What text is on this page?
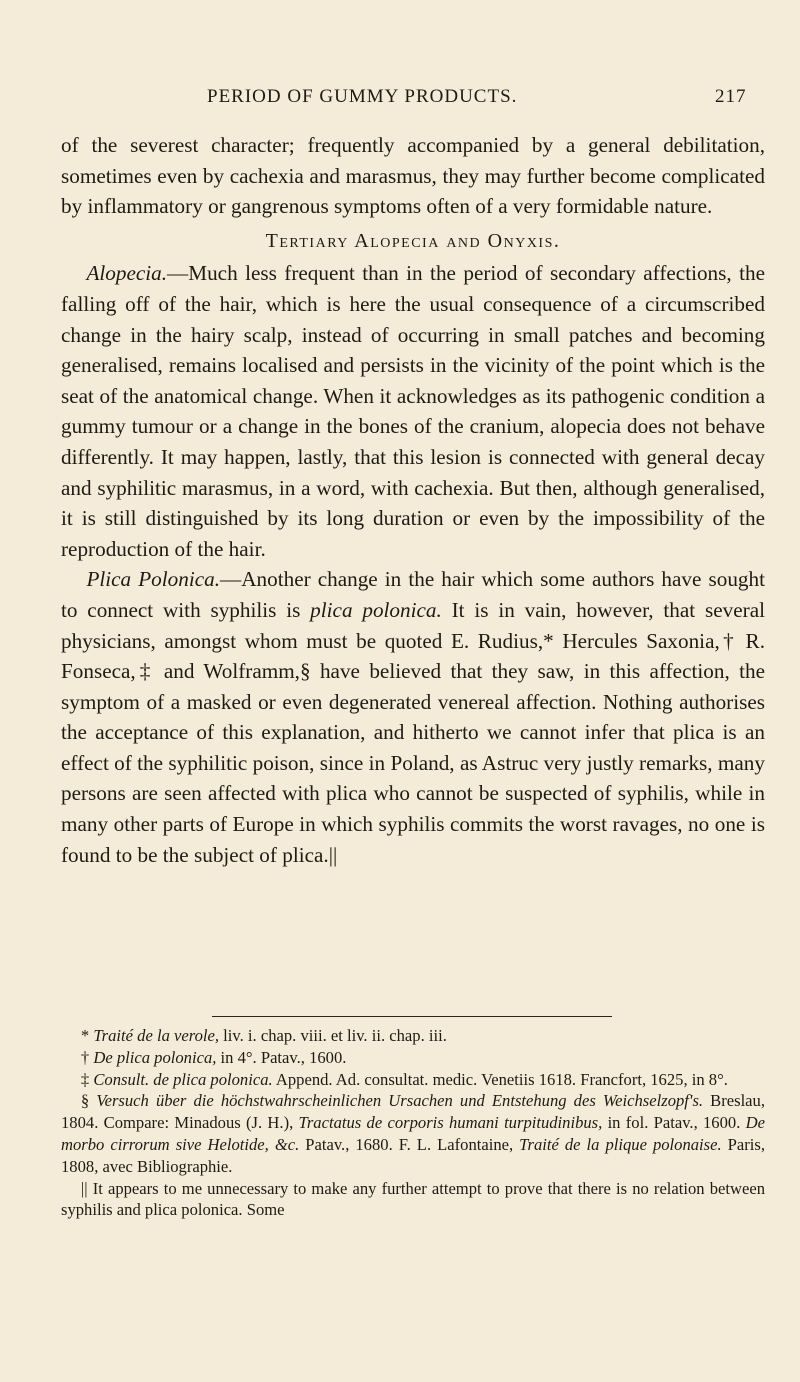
PERIOD OF GUMMY PRODUCTS.	217

of the severest character; frequently accompanied by a general debilitation, sometimes even by cachexia and marasmus, they may further become complicated by inflammatory or gangrenous symptoms often of a very formidable nature.

Tertiary Alopecia and Onyxis.

Alopecia.—Much less frequent than in the period of secondary affections, the falling off of the hair, which is here the usual consequence of a circumscribed change in the hairy scalp, instead of occurring in small patches and becoming generalised, remains localised and persists in the vicinity of the point which is the seat of the anatomical change. When it acknowledges as its pathogenic condition a gummy tumour or a change in the bones of the cranium, alopecia does not behave differently. It may happen, lastly, that this lesion is connected with general decay and syphilitic marasmus, in a word, with cachexia. But then, although generalised, it is still distinguished by its long duration or even by the impossibility of the reproduction of the hair.

Plica Polonica.—Another change in the hair which some authors have sought to connect with syphilis is plica polonica. It is in vain, however, that several physicians, amongst whom must be quoted E. Rudius,* Hercules Saxonia,† R. Fonseca,‡ and Wolframm,§ have believed that they saw, in this affection, the symptom of a masked or even degenerated venereal affection. Nothing authorises the acceptance of this explanation, and hitherto we cannot infer that plica is an effect of the syphilitic poison, since in Poland, as Astruc very justly remarks, many persons are seen affected with plica who cannot be suspected of syphilis, while in many other parts of Europe in which syphilis commits the worst ravages, no one is found to be the subject of plica.||

* Traité de la verole, liv. i. chap. viii. et liv. ii. chap. iii.

† De plica polonica, in 4°. Patav., 1600.

‡ Consult. de plica polonica. Append. Ad. consultat. medic. Venetiis 1618. Francfort, 1625, in 8°.

§ Versuch über die höchstwahrscheinlichen Ursachen und Entstehung des Weichselzopf's. Breslau, 1804. Compare: Minadous (J. H.), Tractatus de corporis humani turpitudinibus, in fol. Patav., 1600. De morbo cirrorum sive Helotide, &c. Patav., 1680. F. L. Lafontaine, Traité de la plique polonaise. Paris, 1808, avec Bibliographie.

|| It appears to me unnecessary to make any further attempt to prove that there is no relation between syphilis and plica polonica. Some
